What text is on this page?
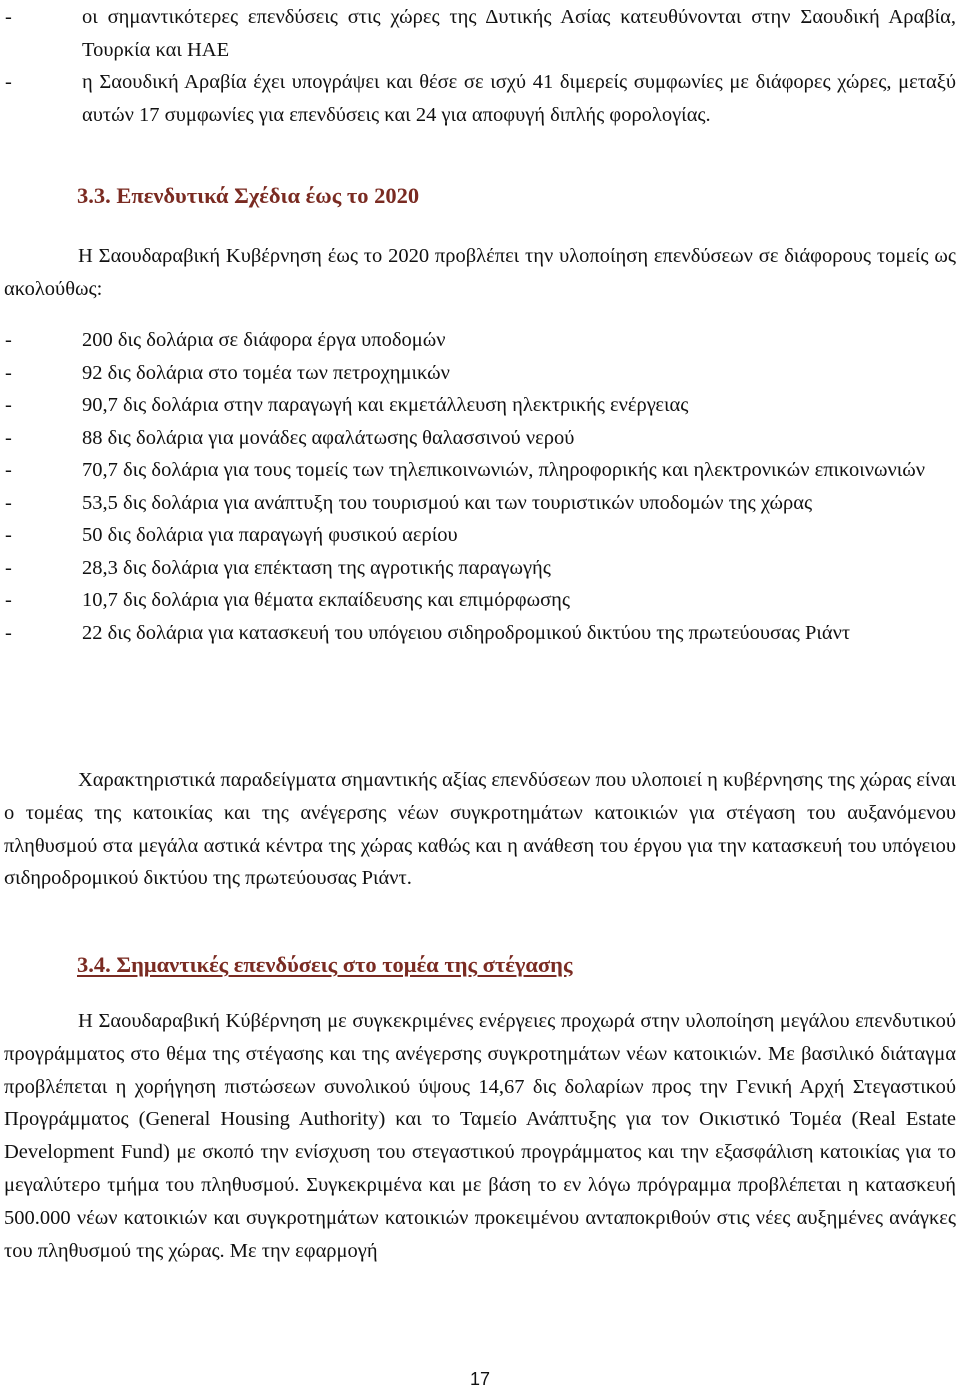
-	οι σημαντικότερες επενδύσεις στις χώρες της Δυτικής Ασίας κατευθύνονται στην Σαουδική Αραβία, Τουρκία και ΗΑΕ
-	η Σαουδική Αραβία έχει υπογράψει και θέσε σε ισχύ 41 διμερείς συμφωνίες με διάφορες χώρες, μεταξύ αυτών 17 συμφωνίες για επενδύσεις και 24 για αποφυγή διπλής φορολογίας.
3.3. Επενδυτικά Σχέδια έως το 2020
Η Σαουδαραβική Κυβέρνηση έως το 2020 προβλέπει την υλοποίηση επενδύσεων σε διάφορους τομείς ως ακολούθως:
-	200 δις δολάρια σε διάφορα έργα υποδομών
-	92 δις δολάρια στο τομέα των πετροχημικών
-	90,7 δις δολάρια στην παραγωγή και εκμετάλλευση ηλεκτρικής ενέργειας
-	88 δις δολάρια για μονάδες αφαλάτωσης θαλασσινού νερού
-	70,7 δις δολάρια για τους τομείς των τηλεπικοινωνιών, πληροφορικής και ηλεκτρονικών επικοινωνιών
-	53,5 δις δολάρια για ανάπτυξη του τουρισμού και των τουριστικών υποδομών της χώρας
-	50 δις δολάρια για παραγωγή φυσικού αερίου
-	28,3 δις δολάρια για επέκταση της αγροτικής παραγωγής
-	10,7 δις δολάρια για θέματα εκπαίδευσης και επιμόρφωσης
-	22 δις δολάρια για κατασκευή του υπόγειου σιδηροδρομικού δικτύου της πρωτεύουσας Ριάντ
Χαρακτηριστικά παραδείγματα σημαντικής αξίας επενδύσεων που υλοποιεί η κυβέρνησης της χώρας είναι ο τομέας της κατοικίας και της ανέγερσης νέων συγκροτημάτων κατοικιών για στέγαση του αυξανόμενου πληθυσμού στα μεγάλα αστικά κέντρα της χώρας καθώς και η ανάθεση του έργου για την κατασκευή του υπόγειου σιδηροδρομικού δικτύου της πρωτεύουσας Ριάντ.
3.4. Σημαντικές επενδύσεις στο τομέα της στέγασης
Η Σαουδαραβική Κύβέρνηση με συγκεκριμένες ενέργειες προχωρά στην υλοποίηση μεγάλου επενδυτικού προγράμματος στο θέμα της στέγασης και της ανέγερσης συγκροτημάτων νέων κατοικιών. Με βασιλικό διάταγμα προβλέπεται η χορήγηση πιστώσεων συνολικού ύψους 14,67 δις δολαρίων προς την Γενική Αρχή Στεγαστικού Προγράμματος (General Housing Authority) και το Ταμείο Ανάπτυξης για τον Οικιστικό Τομέα (Real Estate Development Fund) με σκοπό την ενίσχυση του στεγαστικού προγράμματος και την εξασφάλιση κατοικίας για το μεγαλύτερο τμήμα του πληθυσμού. Συγκεκριμένα και με βάση το εν λόγω πρόγραμμα προβλέπεται η κατασκευή 500.000 νέων κατοικιών και συγκροτημάτων κατοικιών προκειμένου ανταποκριθούν στις νέες αυξημένες ανάγκες του πληθυσμού της χώρας. Με την εφαρμογή
17
